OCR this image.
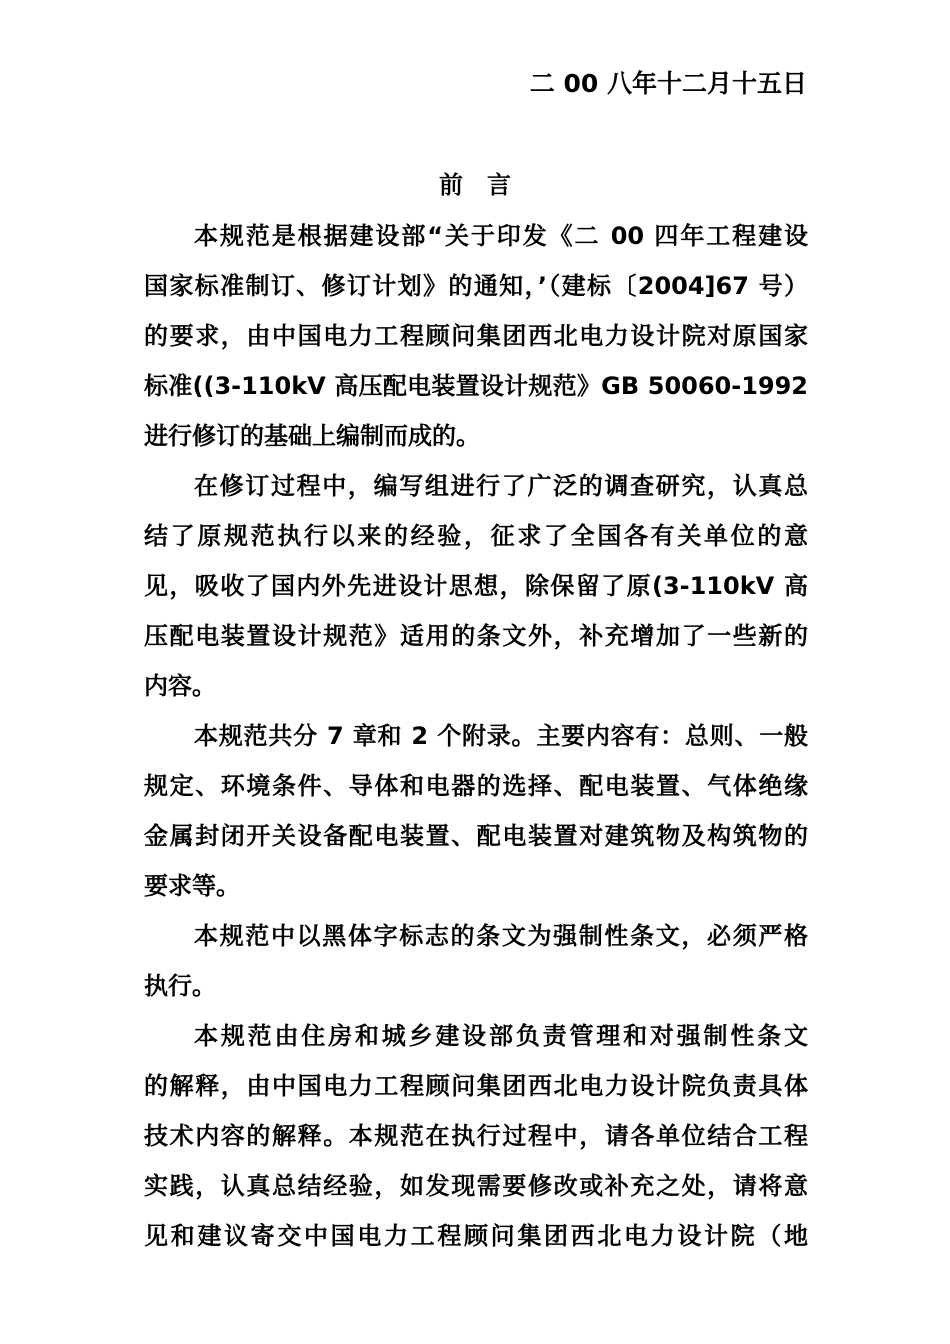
二 00 八年十二月十五日
前　言
本规范是根据建设部“关于印发《二 00 四年工程建设
国家标准制订、修订计划》的通知，’（建标〔2004]67 号）
的要求，由中国电力工程顾问集团西北电力设计院对原国家
标准((3-110kV 高压配电装置设计规范》GB 50060-1992
进行修订的基础上编制而成的。
在修订过程中，编写组进行了广泛的调查研究，认真总
结了原规范执行以来的经验，征求了全国各有关单位的意
见，吸收了国内外先进设计思想，除保留了原(3-110kV 高
压配电装置设计规范》适用的条文外，补充增加了一些新的
内容。
本规范共分 7 章和 2 个附录。主要内容有：总则、一般
规定、环境条件、导体和电器的选择、配电装置、气体绝缘
金属封闭开关设备配电装置、配电装置对建筑物及构筑物的
要求等。
本规范中以黑体字标志的条文为强制性条文，必须严格
执行。
本规范由住房和城乡建设部负责管理和对强制性条文
的解释，由中国电力工程顾问集团西北电力设计院负责具体
技术内容的解释。本规范在执行过程中，请各单位结合工程
实践，认真总结经验，如发现需要修改或补充之处，请将意
见和建议寄交中国电力工程顾问集团西北电力设计院（地
